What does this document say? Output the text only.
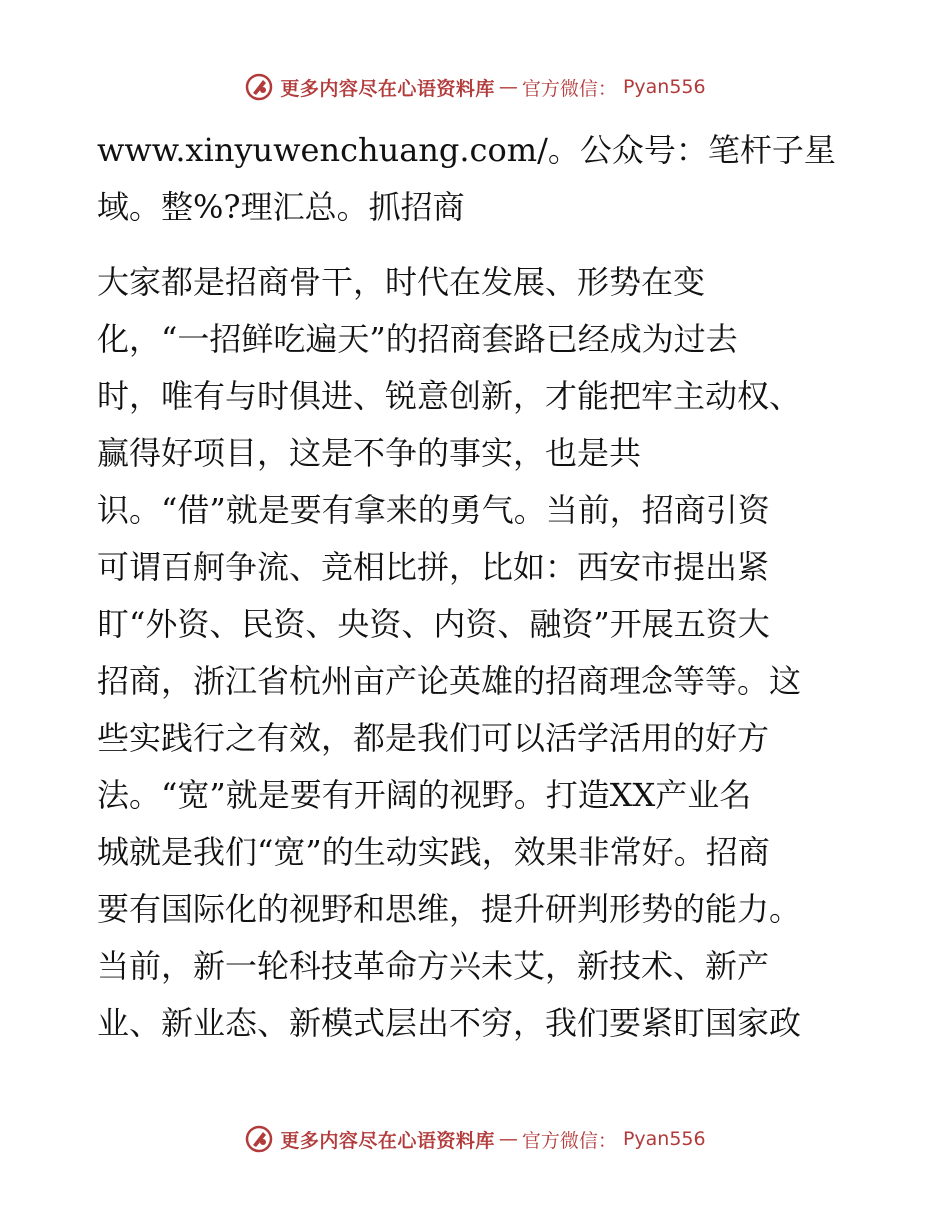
更多内容尽在心语资料库 — 官方微信： Pyan556
www.xinyuwenchuang.com/。公众号：笔杆子星
域。整%?理汇总。抓招商
大家都是招商骨干，时代在发展、形势在变
化，“一招鲜吃遍天”的招商套路已经成为过去
时，唯有与时俱进、锐意创新，才能把牢主动权、
赢得好项目，这是不争的事实，也是共
识。“借”就是要有拿来的勇气。当前，招商引资
可谓百舸争流、竞相比拼，比如：西安市提出紧
盯“外资、民资、央资、内资、融资”开展五资大
招商，浙江省杭州亩产论英雄的招商理念等等。这
些实践行之有效，都是我们可以活学活用的好方
法。“宽”就是要有开阔的视野。打造XX产业名
城就是我们“宽”的生动实践，效果非常好。招商
要有国际化的视野和思维，提升研判形势的能力。
当前，新一轮科技革命方兴未艾，新技术、新产
业、新业态、新模式层出不穷，我们要紧盯国家政
更多内容尽在心语资料库 — 官方微信： Pyan556
